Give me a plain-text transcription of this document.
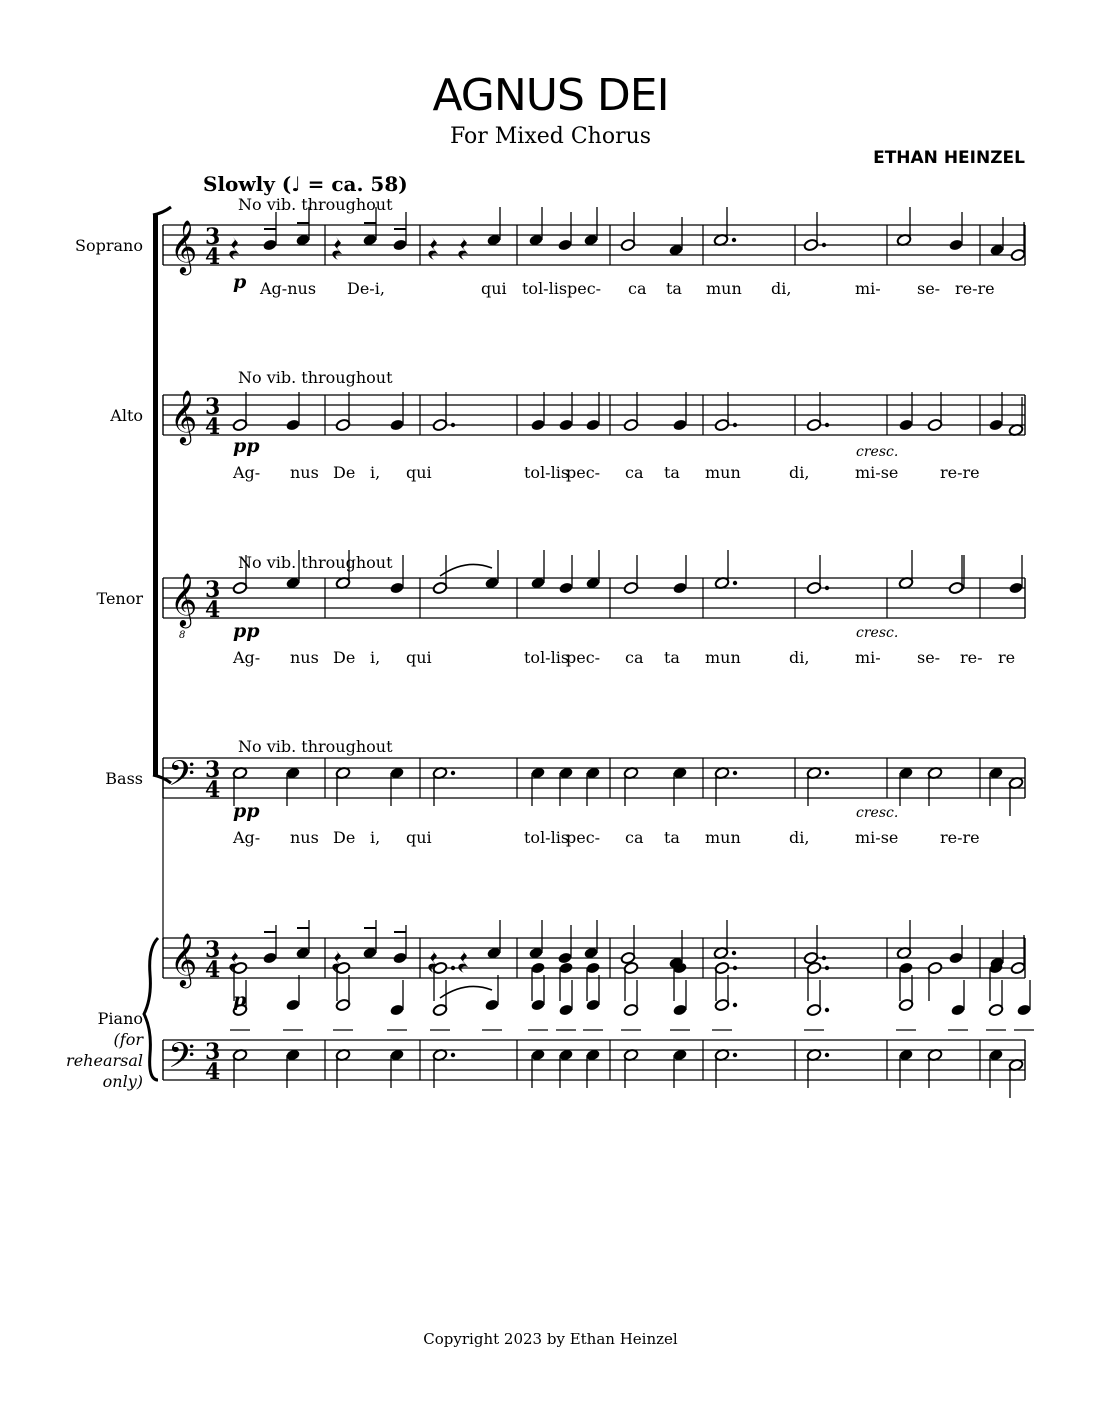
AGNUS DEI
For Mixed Chorus
ETHAN HEINZEL
Slowly (♩ = ca. 58)
Soprano
Alto
Tenor
Bass
Piano
(for
rehearsal
only)
𝄞 3
4
𝄞 3
4
𝄞
8
3
4
𝄢 3
4
𝄞 3
4
𝄢 3
4
No vib. throughout
No vib. throughout
No vib. throughout
No vib. throughout
p
pp
pp
pp
p
cresc.
cresc.
cresc.
Ag-nus De-i,	qui tol-lis pec- ca ta mun di,	mi- se- re-re
Ag- nus De i, qui	tol-lis
pec- ca ta mun	di,	mi-se	re-re
Ag- nus De i, qui	tol-lis
pec- ca ta mun	di,	mi- se- re- re
Ag- nus De i, qui	tol-lis
pec- ca ta mun	di,	mi-se	re-re
Copyright 2023 by Ethan Heinzel
